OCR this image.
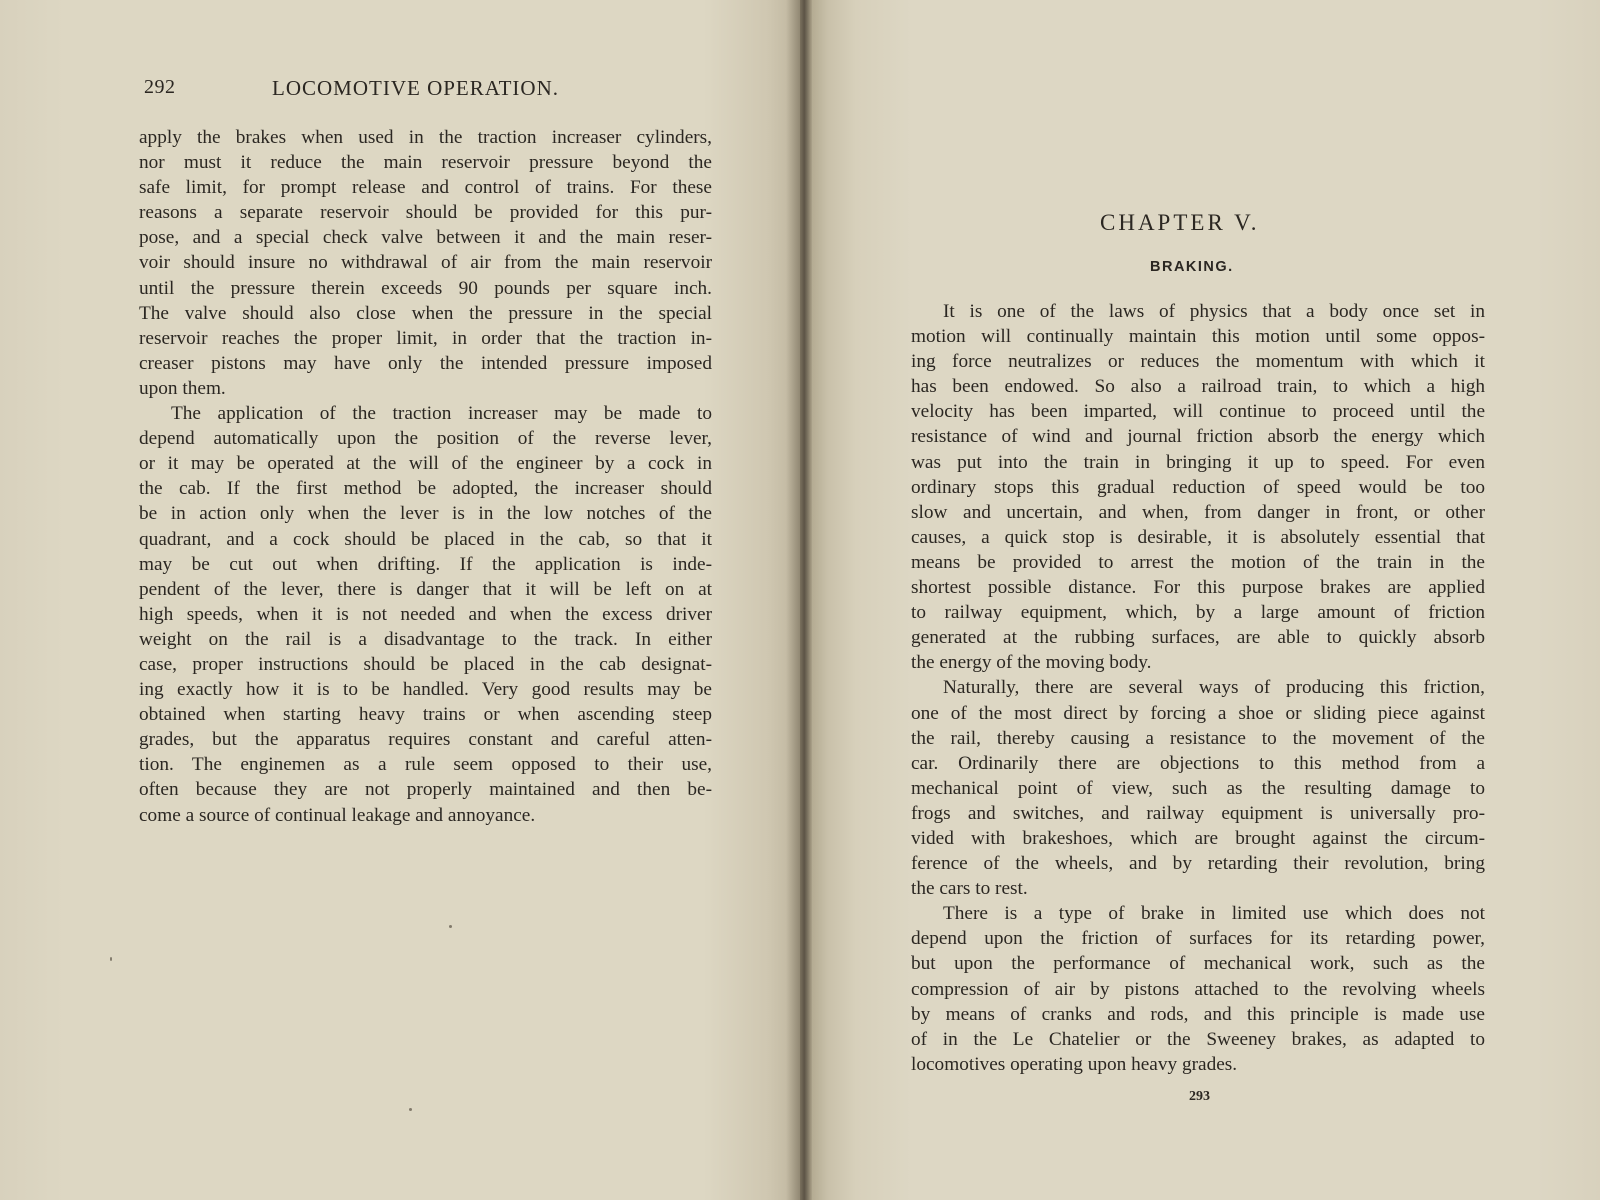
292	LOCOMOTIVE OPERATION.
apply the brakes when used in the traction increaser cylinders,
nor must it reduce the main reservoir pressure beyond the
safe limit, for prompt release and control of trains. For these
reasons a separate reservoir should be provided for this pur-
pose, and a special check valve between it and the main reser-
voir should insure no withdrawal of air from the main reservoir
until the pressure therein exceeds 90 pounds per square inch.
The valve should also close when the pressure in the special
reservoir reaches the proper limit, in order that the traction in-
creaser pistons may have only the intended pressure imposed
upon them.
The application of the traction increaser may be made to
depend automatically upon the position of the reverse lever,
or it may be operated at the will of the engineer by a cock in
the cab. If the first method be adopted, the increaser should
be in action only when the lever is in the low notches of the
quadrant, and a cock should be placed in the cab, so that it
may be cut out when drifting. If the application is inde-
pendent of the lever, there is danger that it will be left on at
high speeds, when it is not needed and when the excess driver
weight on the rail is a disadvantage to the track. In either
case, proper instructions should be placed in the cab designat-
ing exactly how it is to be handled. Very good results may be
obtained when starting heavy trains or when ascending steep
grades, but the apparatus requires constant and careful atten-
tion. The enginemen as a rule seem opposed to their use,
often because they are not properly maintained and then be-
come a source of continual leakage and annoyance.
CHAPTER V.
BRAKING.
It is one of the laws of physics that a body once set in
motion will continually maintain this motion until some oppos-
ing force neutralizes or reduces the momentum with which it
has been endowed. So also a railroad train, to which a high
velocity has been imparted, will continue to proceed until the
resistance of wind and journal friction absorb the energy which
was put into the train in bringing it up to speed. For even
ordinary stops this gradual reduction of speed would be too
slow and uncertain, and when, from danger in front, or other
causes, a quick stop is desirable, it is absolutely essential that
means be provided to arrest the motion of the train in the
shortest possible distance. For this purpose brakes are applied
to railway equipment, which, by a large amount of friction
generated at the rubbing surfaces, are able to quickly absorb
the energy of the moving body.
Naturally, there are several ways of producing this friction,
one of the most direct by forcing a shoe or sliding piece against
the rail, thereby causing a resistance to the movement of the
car. Ordinarily there are objections to this method from a
mechanical point of view, such as the resulting damage to
frogs and switches, and railway equipment is universally pro-
vided with brakeshoes, which are brought against the circum-
ference of the wheels, and by retarding their revolution, bring
the cars to rest.
There is a type of brake in limited use which does not
depend upon the friction of surfaces for its retarding power,
but upon the performance of mechanical work, such as the
compression of air by pistons attached to the revolving wheels
by means of cranks and rods, and this principle is made use
of in the Le Chatelier or the Sweeney brakes, as adapted to
locomotives operating upon heavy grades.
293
